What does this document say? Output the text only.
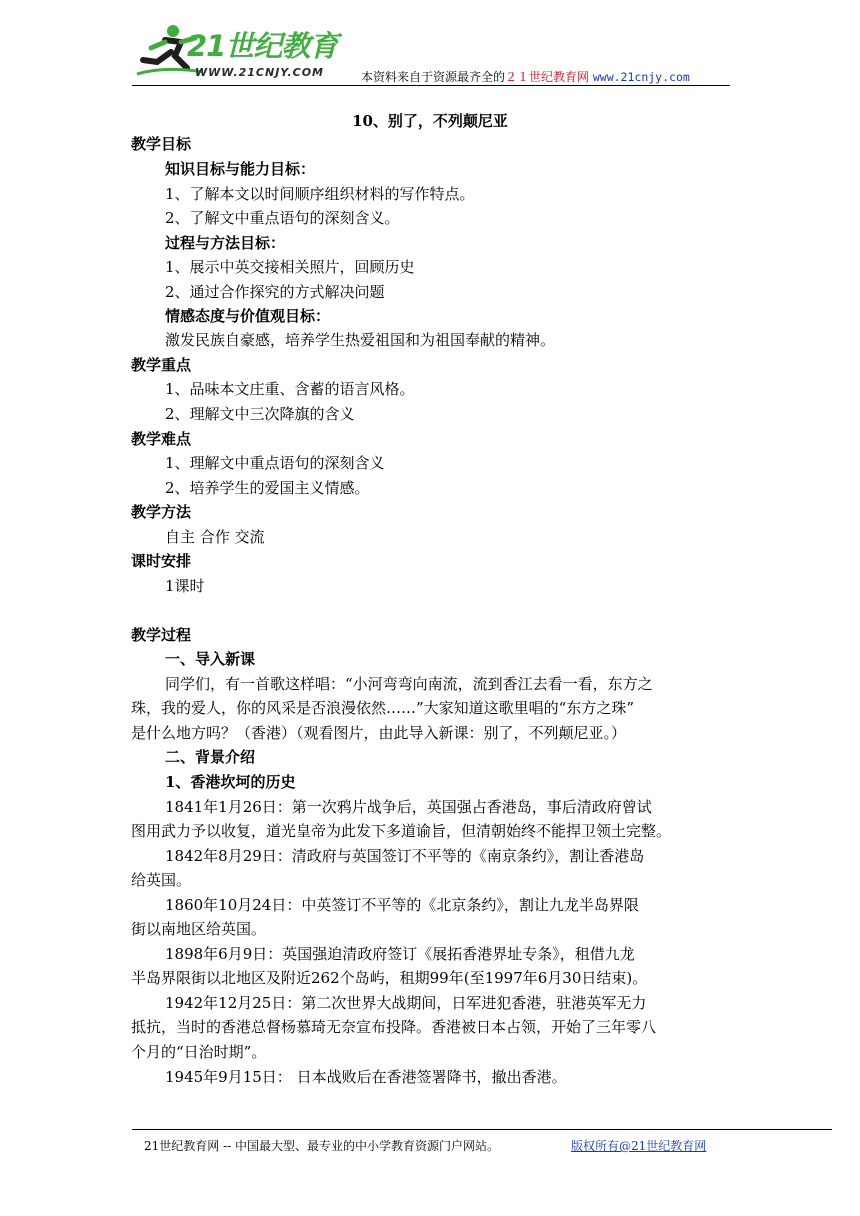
21世纪教育
WWW.21CNJY.COM	本资料来自于资源最齐全的２１世纪教育网 www.21cnjy.com
10、别了，不列颠尼亚
教学目标
知识目标与能力目标：
1、了解本文以时间顺序组织材料的写作特点。
2、了解文中重点语句的深刻含义。
过程与方法目标：
1、展示中英交接相关照片，回顾历史
2、通过合作探究的方式解决问题
情感态度与价值观目标：
激发民族自豪感，培养学生热爱祖国和为祖国奉献的精神。
教学重点
1、品味本文庄重、含蓄的语言风格。
2、理解文中三次降旗的含义
教学难点
1、理解文中重点语句的深刻含义
2、培养学生的爱国主义情感。
教学方法
自主 合作 交流
课时安排
1课时
教学过程
一、导入新课
同学们，有一首歌这样唱：“小河弯弯向南流，流到香江去看一看，东方之
珠，我的爱人，你的风采是否浪漫依然……”大家知道这歌里唱的“东方之珠”
是什么地方吗？（香港）（观看图片，由此导入新课：别了，不列颠尼亚。）
二、背景介绍
1、香港坎坷的历史
1841年1月26日：第一次鸦片战争后，英国强占香港岛，事后清政府曾试
图用武力予以收复，道光皇帝为此发下多道谕旨，但清朝始终不能捍卫领土完整。
1842年8月29日：清政府与英国签订不平等的《南京条约》，割让香港岛
给英国。
1860年10月24日：中英签订不平等的《北京条约》，割让九龙半岛界限
街以南地区给英国。
1898年6月9日：英国强迫清政府签订《展拓香港界址专条》，租借九龙
半岛界限街以北地区及附近262个岛屿，租期99年(至1997年6月30日结束)。
1942年12月25日：第二次世界大战期间，日军进犯香港，驻港英军无力
抵抗，当时的香港总督杨慕琦无奈宣布投降。香港被日本占领，开始了三年零八
个月的“日治时期”。
1945年9月15日： 日本战败后在香港签署降书，撤出香港。
21世纪教育网 -- 中国最大型、最专业的中小学教育资源门户网站。	版权所有@21世纪教育网
